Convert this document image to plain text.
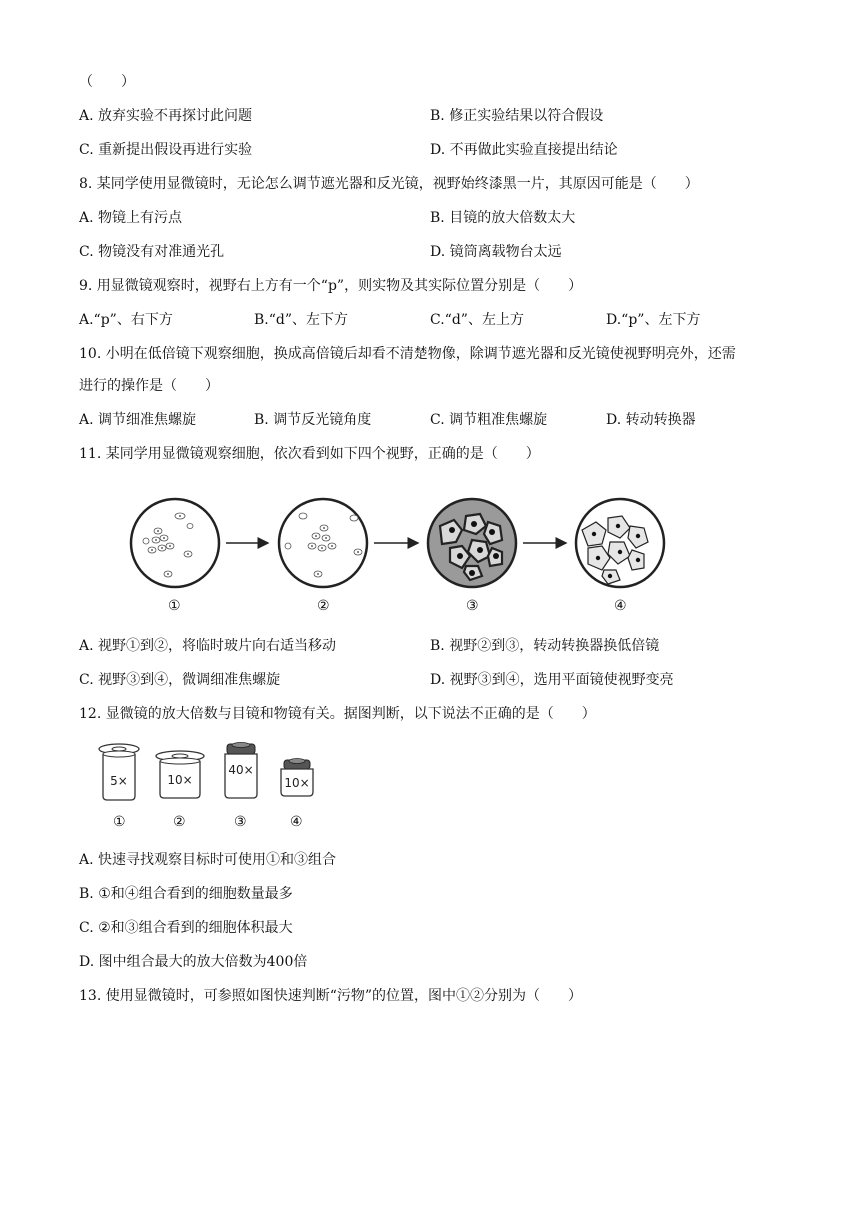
（　　）
A. 放弃实验不再探讨此问题	B. 修正实验结果以符合假设
C. 重新提出假设再进行实验	D. 不再做此实验直接提出结论
8. 某同学使用显微镜时，无论怎么调节遮光器和反光镜，视野始终漆黑一片，其原因可能是（　　）
A. 物镜上有污点	B. 目镜的放大倍数太大
C. 物镜没有对准通光孔	D. 镜筒离载物台太远
9. 用显微镜观察时，视野右上方有一个“p”，则实物及其实际位置分别是（　　）
A.“p”、右下方	B.“d”、左下方	C.“d”、左上方	D.“p”、左下方
10. 小明在低倍镜下观察细胞，换成高倍镜后却看不清楚物像，除调节遮光器和反光镜使视野明亮外，还需
进行的操作是（　　）
A. 调节细准焦螺旋	B. 调节反光镜角度	C. 调节粗准焦螺旋	D. 转动转换器
11. 某同学用显微镜观察细胞，依次看到如下四个视野，正确的是（　　）
①	②	③	④
A. 视野①到②，将临时玻片向右适当移动	B. 视野②到③，转动转换器换低倍镜
C. 视野③到④，微调细准焦螺旋	D. 视野③到④，选用平面镜使视野变亮
12. 显微镜的放大倍数与目镜和物镜有关。据图判断，以下说法不正确的是（　　）
5×	10×
40×
10×
①	②	③	④
A. 快速寻找观察目标时可使用①和③组合
B. ①和④组合看到的细胞数量最多
C. ②和③组合看到的细胞体积最大
D. 图中组合最大的放大倍数为400倍
13. 使用显微镜时，可参照如图快速判断“污物”的位置，图中①②分别为（　　）
